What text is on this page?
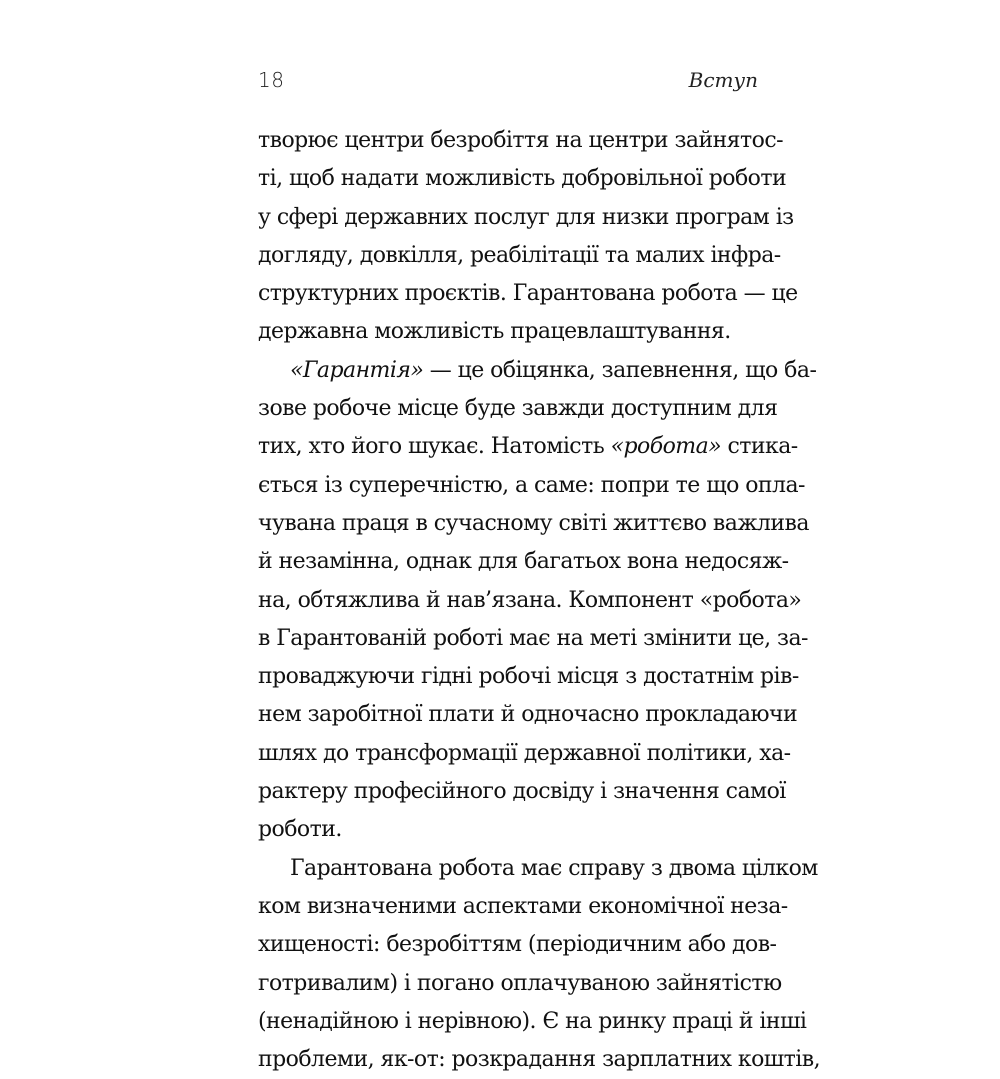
18	Вступ
творює центри безробіття на центри зайнятос-
ті, щоб надати можливість добровільної роботи
у сфері державних послуг для низки програм із
догляду, довкілля, реабілітації та малих інфра-
структурних проєктів. Гарантована робота — це
державна можливість працевлаштування.
«Гарантія» — це обіцянка, запевнення, що ба-
зове робоче місце буде завжди доступним для
тих, хто його шукає. Натомість «робота» стика-
ється із суперечністю, а саме: попри те що опла-
чувана праця в сучасному світі життєво важлива
й незамінна, однак для багатьох вона недосяж-
на, обтяжлива й нав’язана. Компонент «робота»
в Гарантованій роботі має на меті змінити це, за-
проваджуючи гідні робочі місця з достатнім рів-
нем заробітної плати й одночасно прокладаючи
шлях до трансформації державної політики, ха-
рактеру професійного досвіду і значення самої
роботи.
Гарантована робота має справу з двома цілком
ком визначеними аспектами економічної неза-
хищеності: безробіттям (періодичним або дов-
готривалим) і погано оплачуваною зайнятістю
(ненадійною і нерівною). Є на ринку праці й інші
проблеми, як-от: розкрадання зарплатних коштів,
